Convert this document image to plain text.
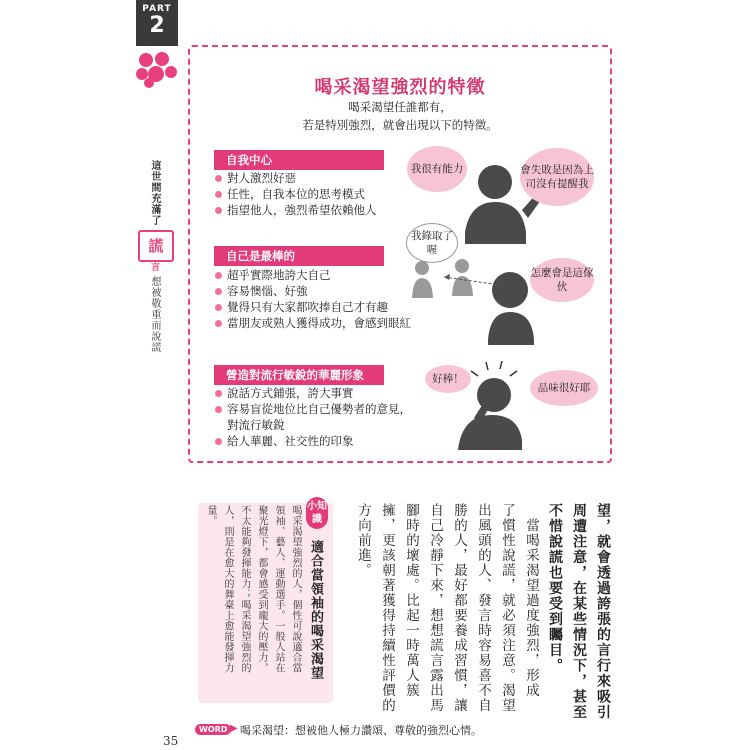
PART
2
這世間充滿了
謊
言
想被敬重而說謊
喝采渴望強烈的特徵
喝采渴望任誰都有，
若是特別強烈，就會出現以下的特徵。
自我中心
對人激烈好惡
任性，自我本位的思考模式
指望他人，強烈希望依賴他人
自己是最棒的
超乎實際地誇大自己
容易懊惱、好強
覺得只有大家都吹捧自己才有趣
當朋友或熟人獲得成功，會感到眼紅
營造對流行敏銳的華麗形象
說話方式鋪張，誇大事實
容易盲從地位比自己優勢者的意見，
對流行敏銳
給人華麗、社交性的印象
我很有能力	會失敗是因為上司沒有提醒我
我錄取了喔
怎麼會是這傢伙
好棒！
品味很好耶
望，就會透過誇張的言行來吸引
周遭注意，在某些情況下，甚至
不惜說謊也要受到矚目。
　當喝采渴望過度強烈，形成
了慣性說謊，就必須注意。渴望
出風頭的人、發言時容易喜不自
勝的人，最好都要養成習慣，讓
自己冷靜下來，想想謊言露出馬
腳時的壞處。比起一時萬人簇
擁，更該朝著獲得持續性評價的
方向前進。
小知識
適合當領袖的喝采渴望
喝采渴望強烈的人，個性可說適合當
領袖、藝人、運動選手。一般人站在
聚光燈下，都會感受到龐大的壓力，
不太能夠發揮能力；喝采渴望強烈的
人，則是在愈大的舞臺上愈能發揮力
量。
WORD ▶ 喝采渴望：想被他人極力讚頌、尊敬的強烈心情。
35
